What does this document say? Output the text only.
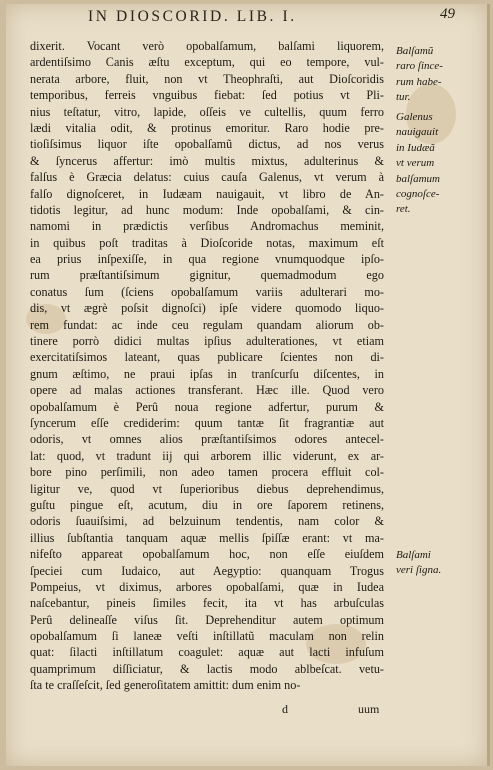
IN DIOSCORID. LIB. I.	49
dixerit. Vocant verò opobalſamum, balſami liquorem,
ardentiſsimo Canis æſtu exceptum, qui eo tempore, vul-
nerata arbore, fluit, non vt Theophraſti, aut Dioſcoridis
temporibus, ferreis vnguibus fiebat: ſed potius vt Pli-
nius teſtatur, vitro, lapide, oſſeis ve cultellis, quum ferro
lædi vitalia odit, & protinus emoritur. Raro hodie pre-
tioſiſsimus liquor iſte opobalſamũ dictus, ad nos verus
& ſyncerus affertur: imò multis mixtus, adulterinus &
falſus è Græcia delatus: cuius cauſa Galenus, vt verum à
falſo dignoſceret, in Iudæam nauigauit, vt libro de An-
tidotis legitur, ad hunc modum: Inde opobalſami, & cin-
namomi in prædictis verſibus Andromachus meminit,
in quibus poſt traditas à Dioſcoride notas, maximum eſt
ea prius inſpexiſſe, in qua regione vnumquodque ipſo-
rum præſtantiſsimum gignitur, quemadmodum ego
conatus ſum (ſciens opobalſamum variis adulterari mo-
dis, vt ægrè poſsit dignoſci) ipſe videre quomodo liquo-
rem fundat: ac inde ceu regulam quandam aliorum ob-
tinere porrò didici multas ipſius adulterationes, vt etiam
exercitatiſsimos lateant, quas publicare ſcientes non di-
gnum æſtimo, ne praui ipſas in tranſcurſu diſcentes, in
opere ad malas actiones transferant. Hæc ille. Quod vero
opobalſamum è Perû noua regione adfertur, purum &
ſyncerum eſſe crediderim: quum tantæ ſit fragrantiæ aut
odoris, vt omnes alios præſtantiſsimos odores antecel-
lat: quod, vt tradunt iij qui arborem illic viderunt, ex ar-
bore pino perſimili, non adeo tamen procera effluit col-
ligitur ve, quod vt ſuperioribus diebus deprehendimus,
guſtu pingue eſt, acutum, diu in ore ſaporem retinens,
odoris ſuauiſsimi, ad belzuinum tendentis, nam color &
illius ſubſtantia tanquam aquæ mellis ſpiſſæ erant: vt ma-
nifeſto appareat opobalſamum hoc, non eſſe eiuſdem
ſpeciei cum Iudaico, aut Aegyptio: quanquam Trogus
Pompeius, vt diximus, arbores opobalſami, quæ in Iudea
naſcebantur, pineis ſimiles fecit, ita vt has arbuſculas
Perû delineaſſe viſus ſit. Deprehenditur autem optimum
opobalſamum ſi laneæ veſti inſtillatũ maculam non relin
quat: ſilacti inſtillatum coagulet: aquæ aut lacti infuſum
quamprimum diſſiciatur, & lactis modo ablbeſcat. vetu-
ſta te craſſeſcit, ſed generoſitatem amittit: dum enim no-
Balſamũ
raro ſince-
rum habe-
tur.
Galenus
nauigauit
in Iudæã
vt verum
balſamum
cognoſce-
ret.
Balſami
veri ſigna.
d	uum
